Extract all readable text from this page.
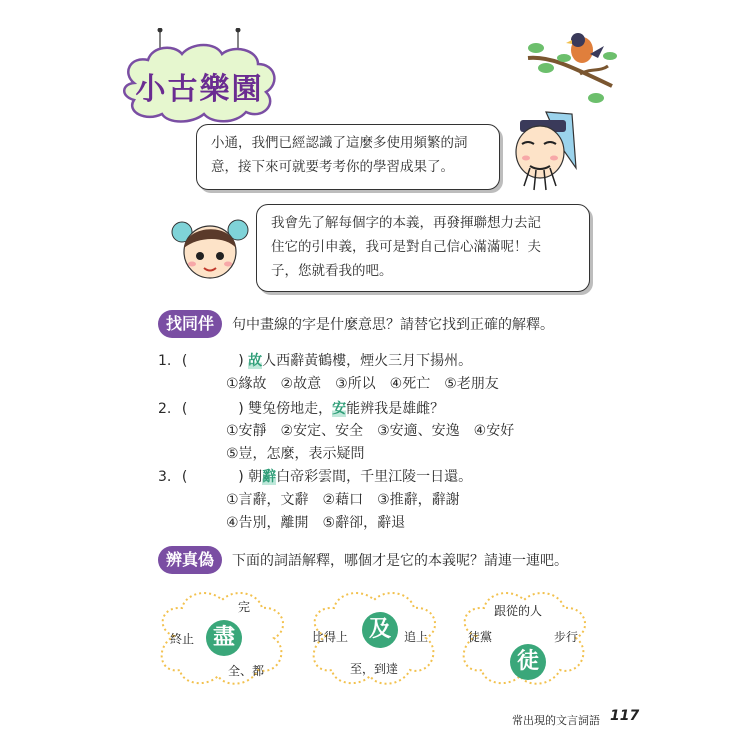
小古樂園
小通，我們已經認識了這麼多使用頻繁的詞
意，接下來可就要考考你的學習成果了。
我會先了解每個字的本義，再發揮聯想力去記
住它的引申義，我可是對自己信心滿滿呢！夫
子，您就看我的吧。
找同伴	句中畫線的字是什麼意思？請替它找到正確的解釋。
1. (	) 故人西辭黃鶴樓，煙火三月下揚州。
①緣故　②故意　③所以　④死亡　⑤老朋友
2. (	) 雙兔傍地走，安能辨我是雄雌？
①安靜　②安定、安全　③安適、安逸　④安好
⑤豈，怎麼，表示疑問
3. (	) 朝辭白帝彩雲間，千里江陵一日還。
①言辭，文辭　②藉口　③推辭，辭謝
④告別，離開　⑤辭卻，辭退
辨真偽	下面的詞語解釋，哪個才是它的本義呢？請連一連吧。
盡
完
終止
全、都
及
比得上	追上
至，到達	徒
跟從的人
徒黨	步行
常出現的文言詞語 117
